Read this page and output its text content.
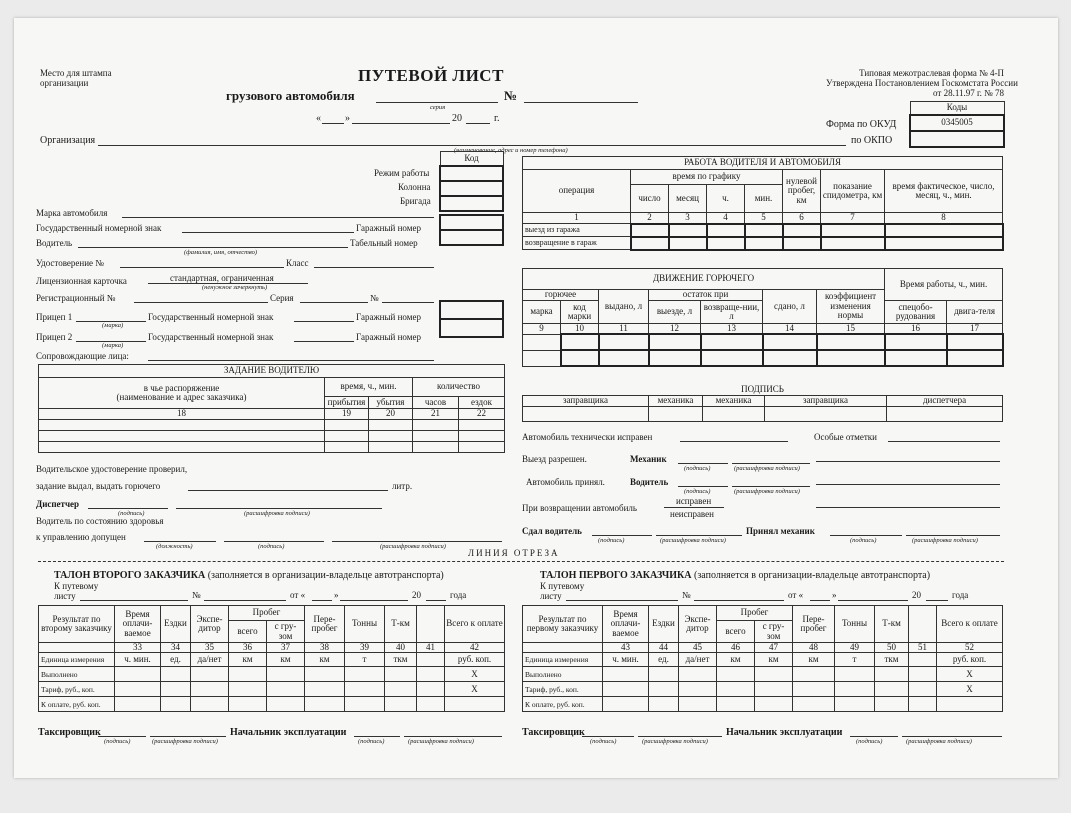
Место для штампа
организации	ПУТЕВОЙ ЛИСТ
грузового автомобиля
серия
№
« »	20	г.
Типовая межотраслевая форма № 4-П
Утверждена Постановлением Госкомстата России
от 28.11.97 г. № 78
Коды
0345005

Форма по ОКУД
по ОКПО
Организация
(наименование, адрес и номер телефона)
Код

Режим работы
Колонна
Бригада
Марка автомобиля

Государственный номерной знак	Гаражный номер
Водитель
(фамилия, имя, отчество)
Табельный номер
Удостоверение №	Класс
Лицензионная карточка	стандартная, ограниченная
(ненужное зачеркнуть)
Регистрационный №	Серия	№

Прицеп 1
(марка)
Государственный номерной знак	Гаражный номер
Прицеп 2
(марка)
Государственный номерной знак	Гаражный номер
Сопровождающие лица:
ЗАДАНИЕ ВОДИТЕЛЮ				

в чье распоряжение
(наименование и адрес заказчика)	время, ч., мин.		количество	
	прибытия	убытия	часов	ездок
18	19	20	21	22

Водительское удостоверение проверил,
задание выдал, выдать горючего	литр.
Диспетчер
(подпись)	(расшифровка подписи)
Водитель по состоянию здоровья
к управлению допущен
(должность)	(подпись)	(расшифровка подписи)
РАБОТА ВОДИТЕЛЯ И АВТОМОБИЛЯ							
операция	время по графику				нулевой пробег, км	показание спидометра, км	время фактическое, число, месяц, ч., мин.
	число	месяц	ч.	мин.			
1	2	3	4	5	6	7	8
выезд из гаража							
возвращение в гараж							
ДВИЖЕНИЕ ГОРЮЧЕГО							Время работы, ч., мин.	
горючее		выдано, л	остаток при		сдано, л	коэффициент изменения нормы		
марка	код марки		выезде, л	возвраще-нии, л			спецобо-рудования	двига-теля
9	10	11	12	13	14	15	16	17

ПОДПИСЬ				
заправщика	механика	механика	заправщика	диспетчера

Автомобиль технически исправен	Особые отметки
Выезд разрешен.	Механик
(подпись)	(расшифровка подписи)
Автомобиль принял.	Водитель
(подпись)	(расшифровка подписи)
При возвращении автомобиль
исправен
неисправен
Сдал водитель
(подпись)	(расшифровка подписи)
Принял механик
(подпись)	(расшифровка подписи)
ЛИНИЯ ОТРЕЗА
ТАЛОН ВТОРОГО ЗАКАЗЧИКА (заполняется в организации-владельце автотранспорта)
К путевому
листу	№	от «	»	20	года
Результат по второму заказчику	Время оплачи-ваемое	Ездки	Экспе-дитор	Пробег		Пере-пробег	Тонны	Т-км		Всего к оплате
				всего	с гру-зом					
	33	34	35	36	37	38	39	40	41	42
Единица измерения	ч. мин.	ед.	да/нет	км	км	км	т	ткм		руб. коп.
Выполнено										X
Тариф, руб., коп.										X
К оплате, руб. коп.										
Таксировщик
(подпись)	(расшифровка подписи)
Начальник эксплуатации
(подпись)	(расшифровка подписи)
ТАЛОН ПЕРВОГО ЗАКАЗЧИКА (заполняется в организации-владельце автотранспорта)
К путевому
листу	№	от «	»	20	года
Результат по первому заказчику	Время оплачи-ваемое	Ездки	Экспе-дитор	Пробег		Пере-пробег	Тонны	Т-км		Всего к оплате
				всего	с гру-зом					
	43	44	45	46	47	48	49	50	51	52
Единица измерения	ч. мин.	ед.	да/нет	км	км	км	т	ткм		руб. коп.
Выполнено										X
Тариф, руб., коп.										X
К оплате, руб. коп.										
Таксировщик
(подпись)	(расшифровка подписи)
Начальник эксплуатации
(подпись)	(расшифровка подписи)
